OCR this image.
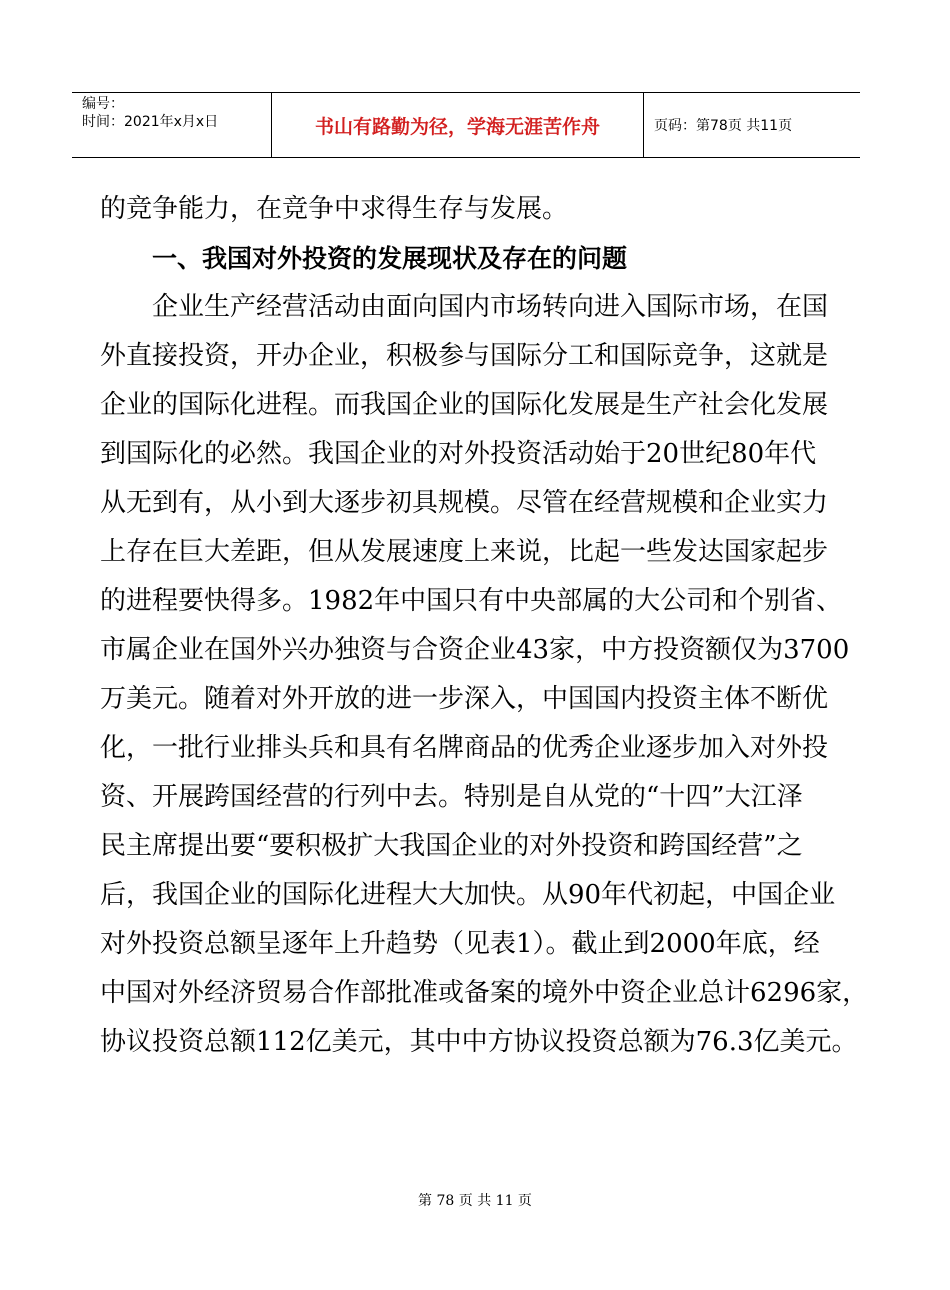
编号：
时间：2021年x月x日	书山有路勤为径，学海无涯苦作舟	页码：第78页 共11页
的竞争能力，在竞争中求得生存与发展。
一、我国对外投资的发展现状及存在的问题
企业生产经营活动由面向国内市场转向进入国际市场，在国
外直接投资，开办企业，积极参与国际分工和国际竞争，这就是
企业的国际化进程。而我国企业的国际化发展是生产社会化发展
到国际化的必然。我国企业的对外投资活动始于20世纪80年代
从无到有，从小到大逐步初具规模。尽管在经营规模和企业实力
上存在巨大差距，但从发展速度上来说，比起一些发达国家起步
的进程要快得多。1982年中国只有中央部属的大公司和个别省、
市属企业在国外兴办独资与合资企业43家，中方投资额仅为3700
万美元。随着对外开放的进一步深入，中国国内投资主体不断优
化，一批行业排头兵和具有名牌商品的优秀企业逐步加入对外投
资、开展跨国经营的行列中去。特别是自从党的“十四”大江泽
民主席提出要“要积极扩大我国企业的对外投资和跨国经营”之
后，我国企业的国际化进程大大加快。从90年代初起，中国企业
对外投资总额呈逐年上升趋势（见表1）。截止到2000年底，经
中国对外经济贸易合作部批准或备案的境外中资企业总计6296家，
协议投资总额112亿美元，其中中方协议投资总额为76.3亿美元。
第 78 页 共 11 页
